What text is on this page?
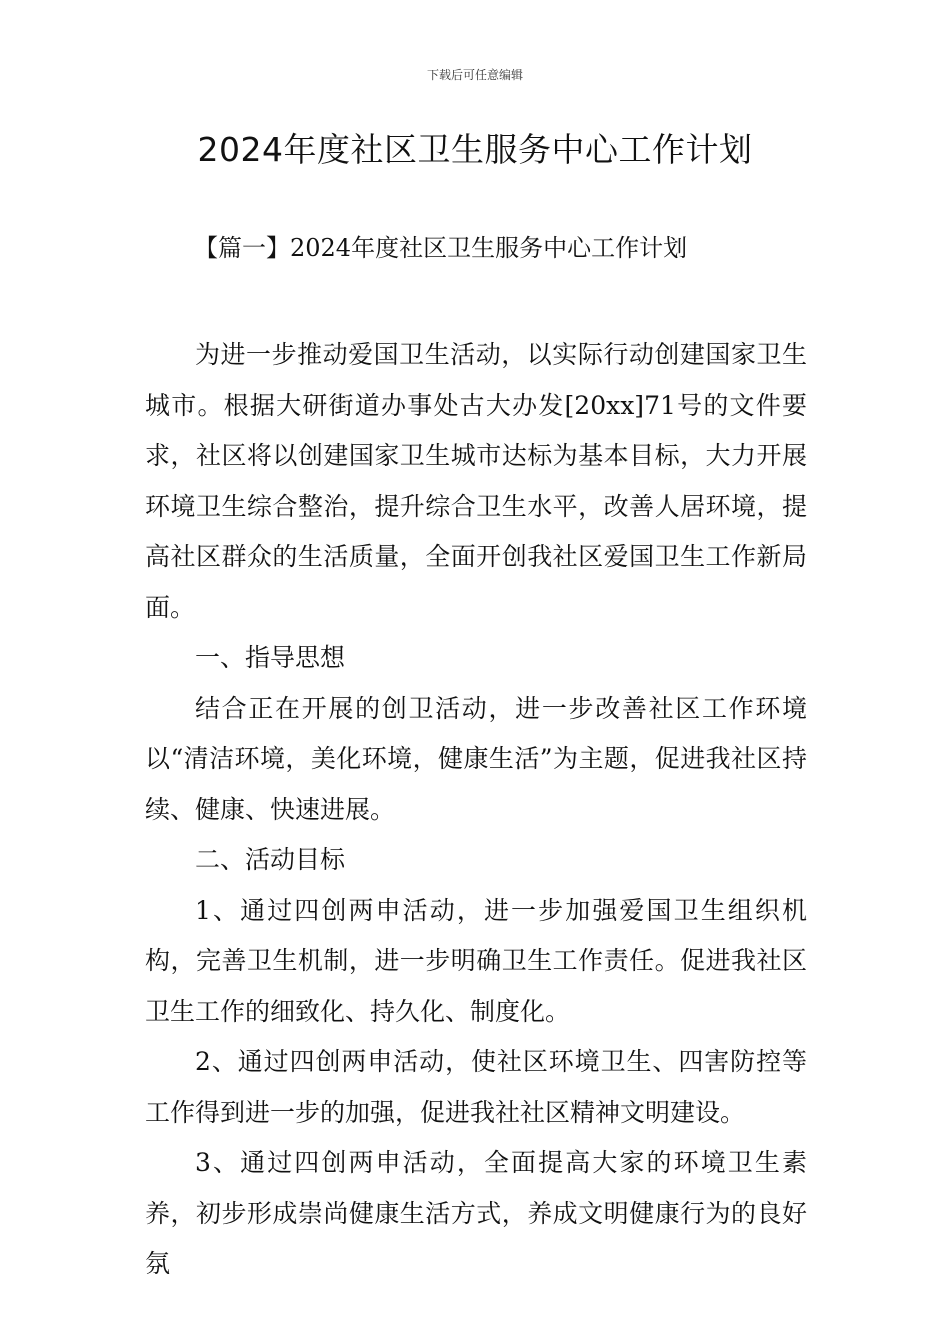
下载后可任意编辑
2024年度社区卫生服务中心工作计划
【篇一】2024年度社区卫生服务中心工作计划

为进一步推动爱国卫生活动，以实际行动创建国家卫生城市。根据大研街道办事处古大办发[20xx]71号的文件要求，社区将以创建国家卫生城市达标为基本目标，大力开展环境卫生综合整治，提升综合卫生水平，改善人居环境，提高社区群众的生活质量，全面开创我社区爱国卫生工作新局面。

一、指导思想

结合正在开展的创卫活动，进一步改善社区工作环境以“清洁环境，美化环境，健康生活”为主题，促进我社区持续、健康、快速进展。

二、活动目标

1、通过四创两申活动，进一步加强爱国卫生组织机构，完善卫生机制，进一步明确卫生工作责任。促进我社区卫生工作的细致化、持久化、制度化。

2、通过四创两申活动，使社区环境卫生、四害防控等工作得到进一步的加强，促进我社社区精神文明建设。

3、通过四创两申活动，全面提高大家的环境卫生素养，初步形成崇尚健康生活方式，养成文明健康行为的良好氛
